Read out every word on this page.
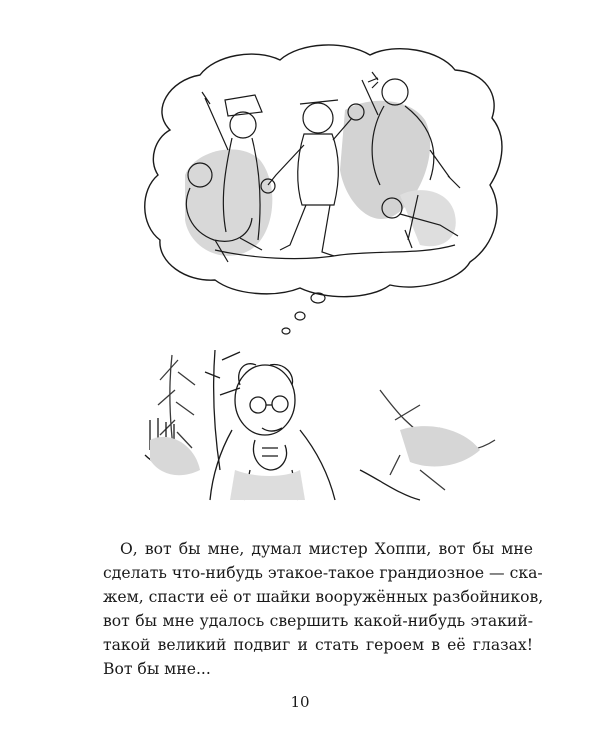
О, вот бы мне, думал мистер Хоппи, вот бы мне
сделать что-нибудь этакое-такое грандиозное — ска-
жем, спасти её от шайки вооружённых разбойников,
вот бы мне удалось свершить какой-нибудь этакий-
такой великий подвиг и стать героем в её глазах!
Вот бы мне...
10
